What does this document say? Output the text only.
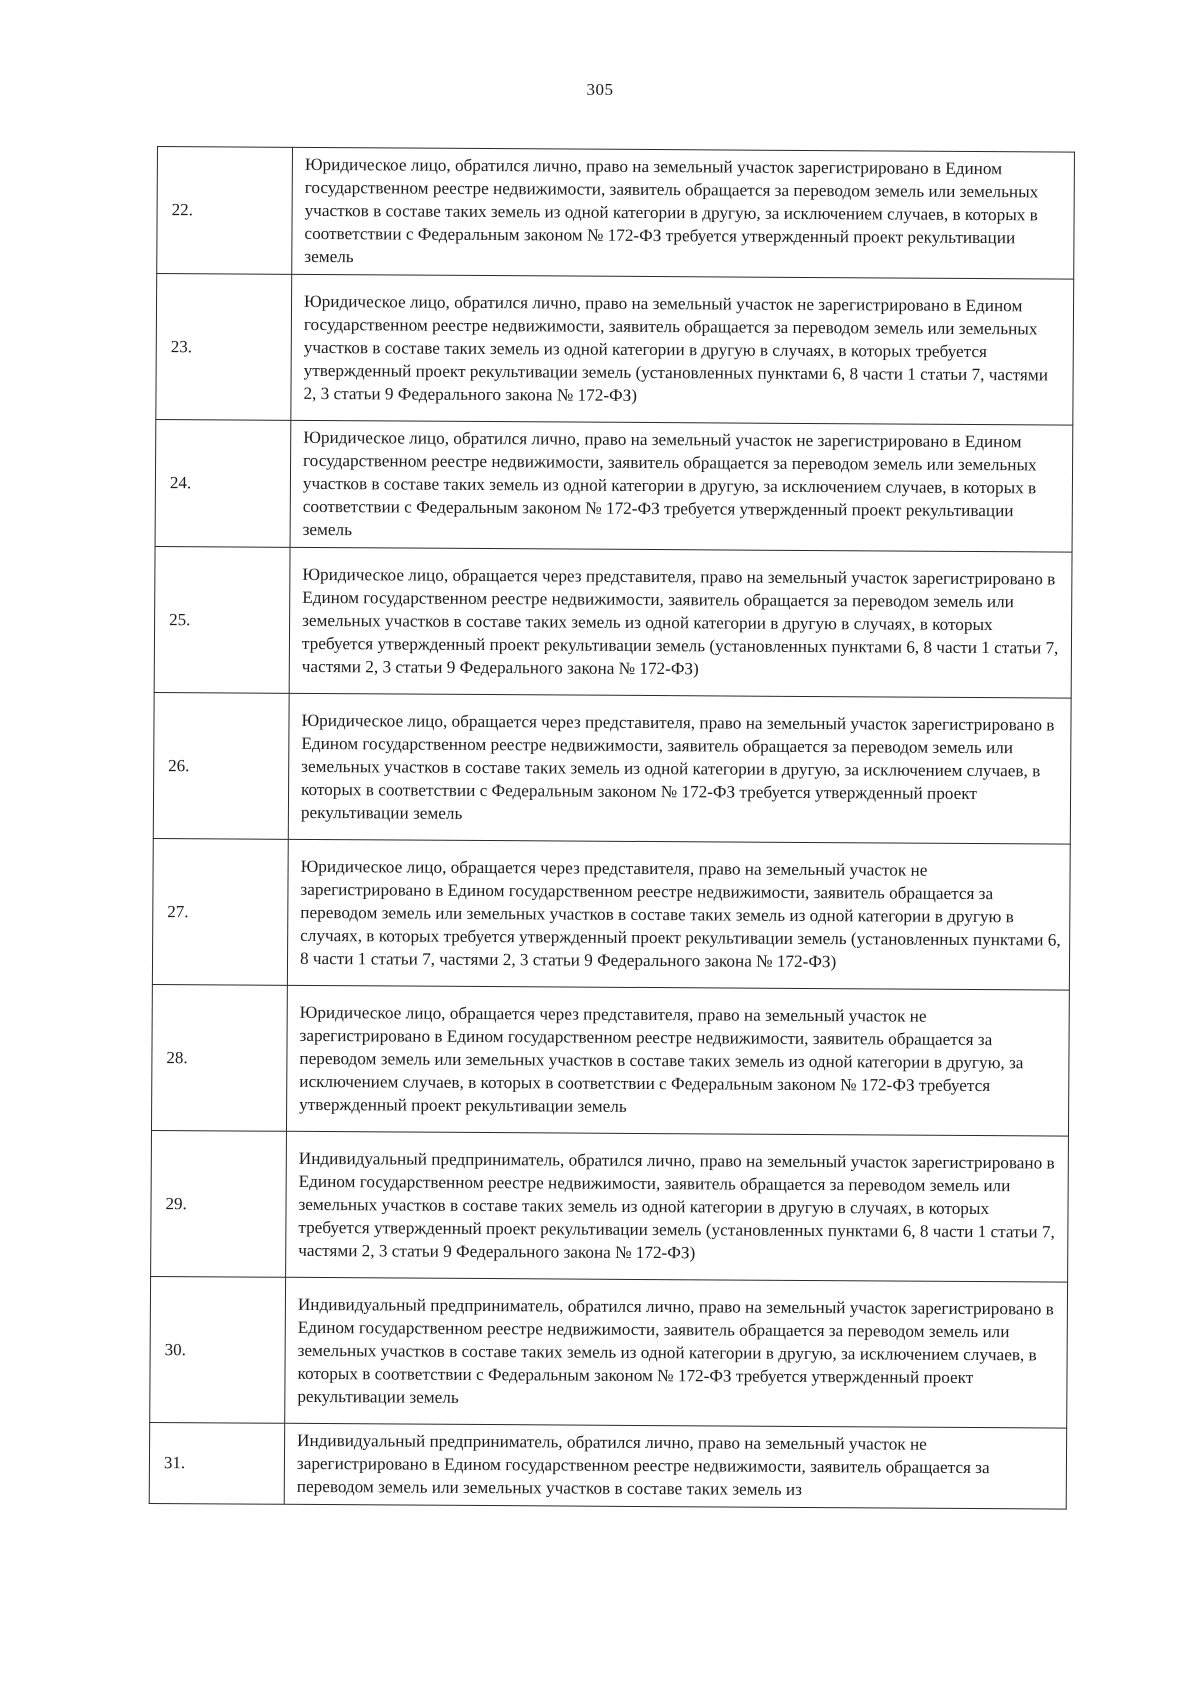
305
22.	Юридическое лицо, обратился лично, право на земельный участок зарегистрировано в Едином государственном реестре недвижимости, заявитель обращается за переводом земель или земельных участков в составе таких земель из одной категории в другую, за исключением случаев, в которых в соответствии с Федеральным законом № 172-ФЗ требуется утвержденный проект рекультивации земель

23.	Юридическое лицо, обратился лично, право на земельный участок не зарегистрировано в Едином государственном реестре недвижимости, заявитель обращается за переводом земель или земельных участков в составе таких земель из одной категории в другую в случаях, в которых требуется утвержденный проект рекультивации земель (установленных пунктами 6, 8 части 1 статьи 7, частями 2, 3 статьи 9 Федерального закона № 172-ФЗ)

24.	Юридическое лицо, обратился лично, право на земельный участок не зарегистрировано в Едином государственном реестре недвижимости, заявитель обращается за переводом земель или земельных участков в составе таких земель из одной категории в другую, за исключением случаев, в которых в соответствии с Федеральным законом № 172-ФЗ требуется утвержденный проект рекультивации земель

25.	Юридическое лицо, обращается через представителя, право на земельный участок зарегистрировано в Едином государственном реестре недвижимости, заявитель обращается за переводом земель или земельных участков в составе таких земель из одной категории в другую в случаях, в которых требуется утвержденный проект рекультивации земель (установленных пунктами 6, 8 части 1 статьи 7, частями 2, 3 статьи 9 Федерального закона № 172-ФЗ)

26.	Юридическое лицо, обращается через представителя, право на земельный участок зарегистрировано в Едином государственном реестре недвижимости, заявитель обращается за переводом земель или земельных участков в составе таких земель из одной категории в другую, за исключением случаев, в которых в соответствии с Федеральным законом № 172-ФЗ требуется утвержденный проект рекультивации земель

27.	Юридическое лицо, обращается через представителя, право на земельный участок не зарегистрировано в Едином государственном реестре недвижимости, заявитель обращается за переводом земель или земельных участков в составе таких земель из одной категории в другую в случаях, в которых требуется утвержденный проект рекультивации земель (установленных пунктами 6, 8 части 1 статьи 7, частями 2, 3 статьи 9 Федерального закона № 172-ФЗ)

28.	Юридическое лицо, обращается через представителя, право на земельный участок не зарегистрировано в Едином государственном реестре недвижимости, заявитель обращается за переводом земель или земельных участков в составе таких земель из одной категории в другую, за исключением случаев, в которых в соответствии с Федеральным законом № 172-ФЗ требуется утвержденный проект рекультивации земель

29.	Индивидуальный предприниматель, обратился лично, право на земельный участок зарегистрировано в Едином государственном реестре недвижимости, заявитель обращается за переводом земель или земельных участков в составе таких земель из одной категории в другую в случаях, в которых требуется утвержденный проект рекультивации земель (установленных пунктами 6, 8 части 1 статьи 7, частями 2, 3 статьи 9 Федерального закона № 172-ФЗ)

30.	Индивидуальный предприниматель, обратился лично, право на земельный участок зарегистрировано в Едином государственном реестре недвижимости, заявитель обращается за переводом земель или земельных участков в составе таких земель из одной категории в другую, за исключением случаев, в которых в соответствии с Федеральным законом № 172-ФЗ требуется утвержденный проект рекультивации земель

31.	Индивидуальный предприниматель, обратился лично, право на земельный участок не зарегистрировано в Едином государственном реестре недвижимости, заявитель обращается за переводом земель или земельных участков в составе таких земель из
